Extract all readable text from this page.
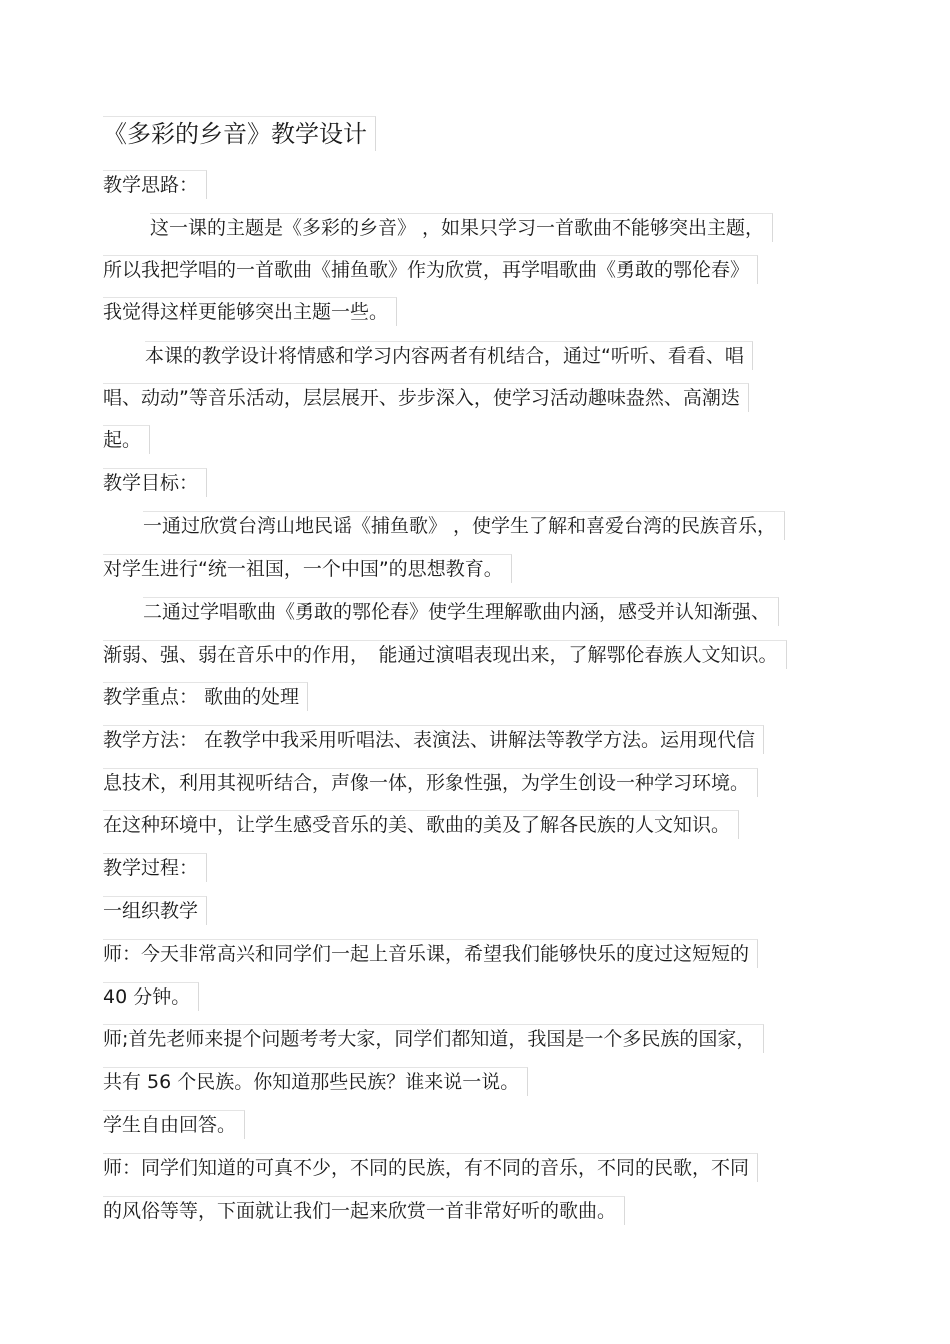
《多彩的乡音》教学设计

教学思路：

这一课的主题是《多彩的乡音》 ，如果只学习一首歌曲不能够突出主题，

所以我把学唱的一首歌曲《捕鱼歌》作为欣赏，再学唱歌曲《勇敢的鄂伦春》

我觉得这样更能够突出主题一些。

本课的教学设计将情感和学习内容两者有机结合，通过“听听、看看、唱

唱、动动”等音乐活动，层层展开、步步深入，使学习活动趣味盎然、高潮迭

起。

教学目标：

一通过欣赏台湾山地民谣《捕鱼歌》 ，使学生了解和喜爱台湾的民族音乐，

对学生进行“统一祖国，一个中国”的思想教育。

二通过学唱歌曲《勇敢的鄂伦春》使学生理解歌曲内涵，感受并认知渐强、

渐弱、强、弱在音乐中的作用，　能通过演唱表现出来，了解鄂伦春族人文知识。

教学重点： 歌曲的处理

教学方法： 在教学中我采用听唱法、表演法、讲解法等教学方法。运用现代信

息技术，利用其视听结合，声像一体，形象性强，为学生创设一种学习环境。

在这种环境中，让学生感受音乐的美、歌曲的美及了解各民族的人文知识。

教学过程：

一组织教学

师：今天非常高兴和同学们一起上音乐课，希望我们能够快乐的度过这短短的

40 分钟。

师;首先老师来提个问题考考大家，同学们都知道，我国是一个多民族的国家，

共有 56 个民族。你知道那些民族？谁来说一说。

学生自由回答。

师：同学们知道的可真不少，不同的民族，有不同的音乐，不同的民歌，不同

的风俗等等，下面就让我们一起来欣赏一首非常好听的歌曲。
